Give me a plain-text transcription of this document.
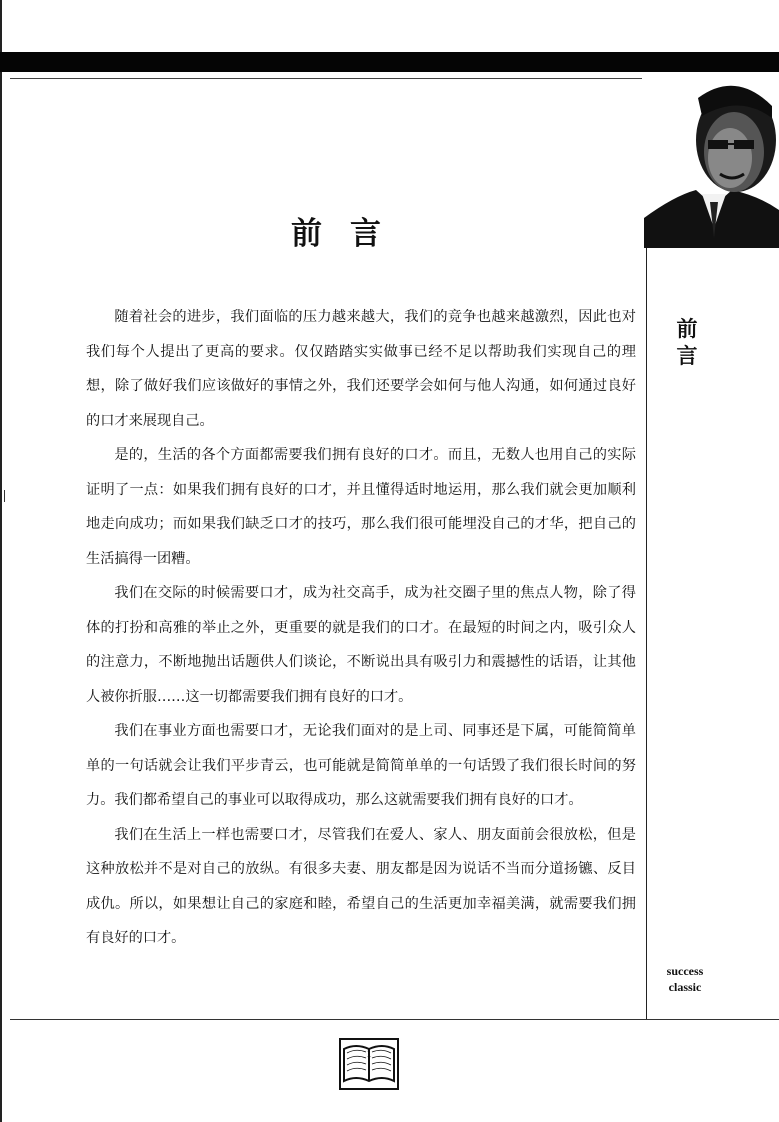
前言
前
言

随着社会的进步，我们面临的压力越来越大，我们的竞争也越来越激烈，因此也对我们每个人提出了更高的要求。仅仅踏踏实实做事已经不足以帮助我们实现自己的理想，除了做好我们应该做好的事情之外，我们还要学会如何与他人沟通，如何通过良好的口才来展现自己。

是的，生活的各个方面都需要我们拥有良好的口才。而且，无数人也用自己的实际证明了一点：如果我们拥有良好的口才，并且懂得适时地运用，那么我们就会更加顺利地走向成功；而如果我们缺乏口才的技巧，那么我们很可能埋没自己的才华，把自己的生活搞得一团糟。

我们在交际的时候需要口才，成为社交高手，成为社交圈子里的焦点人物，除了得体的打扮和高雅的举止之外，更重要的就是我们的口才。在最短的时间之内，吸引众人的注意力，不断地抛出话题供人们谈论，不断说出具有吸引力和震撼性的话语，让其他人被你折服……这一切都需要我们拥有良好的口才。

我们在事业方面也需要口才，无论我们面对的是上司、同事还是下属，可能简简单单的一句话就会让我们平步青云，也可能就是简简单单的一句话毁了我们很长时间的努力。我们都希望自己的事业可以取得成功，那么这就需要我们拥有良好的口才。

我们在生活上一样也需要口才，尽管我们在爱人、家人、朋友面前会很放松，但是这种放松并不是对自己的放纵。有很多夫妻、朋友都是因为说话不当而分道扬镳、反目成仇。所以，如果想让自己的家庭和睦，希望自己的生活更加幸福美满，就需要我们拥有良好的口才。

success
classic
1
